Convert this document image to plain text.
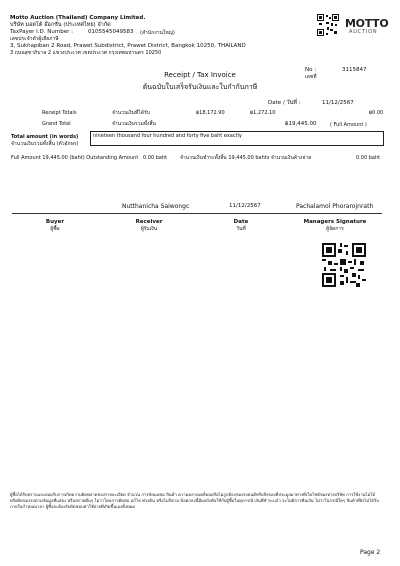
Motto Auction (Thailand) Company Limited.
บริษัท มอตโต้ อ๊อกชั่น (ประเทศไทย) จำกัด
TaxPayer I.D. Number :	0105545049583 (สำนักงานใหญ่)
เลขประจำตัวผู้เสียภาษี
3, Sukhapiban 2 Road, Prawet Subdistrict, Prawet District, Bangkok 10250, THAILAND
3 ถนนสุขาภิบาล 2 แขวงประเวศ เขตประเวศ กรุงเทพมหานคร 10250
MOTTO
AUCTION
No :
เลขที่
3115847
Receipt / Tax Invoice
ต้นฉบับใบเสร็จรับเงินและใบกำกับภาษี
Date / วันที่ :	11/12/2567
Receipt Totals	จำนวนเงินที่ได้รับ	฿18,172.90	฿1,272.10	฿0.00
Grand Total	จำนวนเงินรวมทั้งสิ้น	฿19,445.00	( Full Amount )
Total amount (in words)
จำนวนเงินรวมทั้งสิ้น (ตัวอักษร)
nineteen thousand four hundred and forty five baht exactly
Full Amount 19,445.00 (baht) Outstanding Amount 0.00 baht	จำนวนเงินชำระทั้งสิ้น 19,445.00 bahts จำนวนเงินค้างจ่าย	0.00 baht
Nutthanicha Saiwongc	11/12/2567	Pachalamol Phorarojnrath
Buyer
ผู้ซื้อ
Receiver
ผู้รับเงิน
Date
วันที่
Managers Signature
ผู้จัดการ
ผู้ซื้อได้รับทราบและยอมรับการเกิดความผิดพลาดของรายละเอียด จำนวน การซ่อมแซม สินค้า ความคลาดเคลื่อนหรือไม่ถูกต้องของรถยนต์หรือสิ่งของที่ประมูลมาทางที่เว็บไซต์ของทางบริษัท การใช้งานไม่ได้หรือผิดของรถตามข้อมูลที่แสดง หรือสภาพอื่นๆ ไม่ว่าโดยการตัดต่อ แก้ไข พ่วงต้น หรือไม่ก็ตาม ข้อตกลงนี้มีผลบังคับใช้กับผู้ซื้อในทุกกรณี เงินที่ชำระแล้ว จะไม่มีการคืนเงิน ไม่ว่าในกรณีใดๆ สินค้าที่ยังไม่ได้รับภายในกำหนดเวลา ผู้ซื้อจะต้องรับผิดชอบค่าใช้จ่ายที่เกิดขึ้นเองทั้งหมด
Page 2
